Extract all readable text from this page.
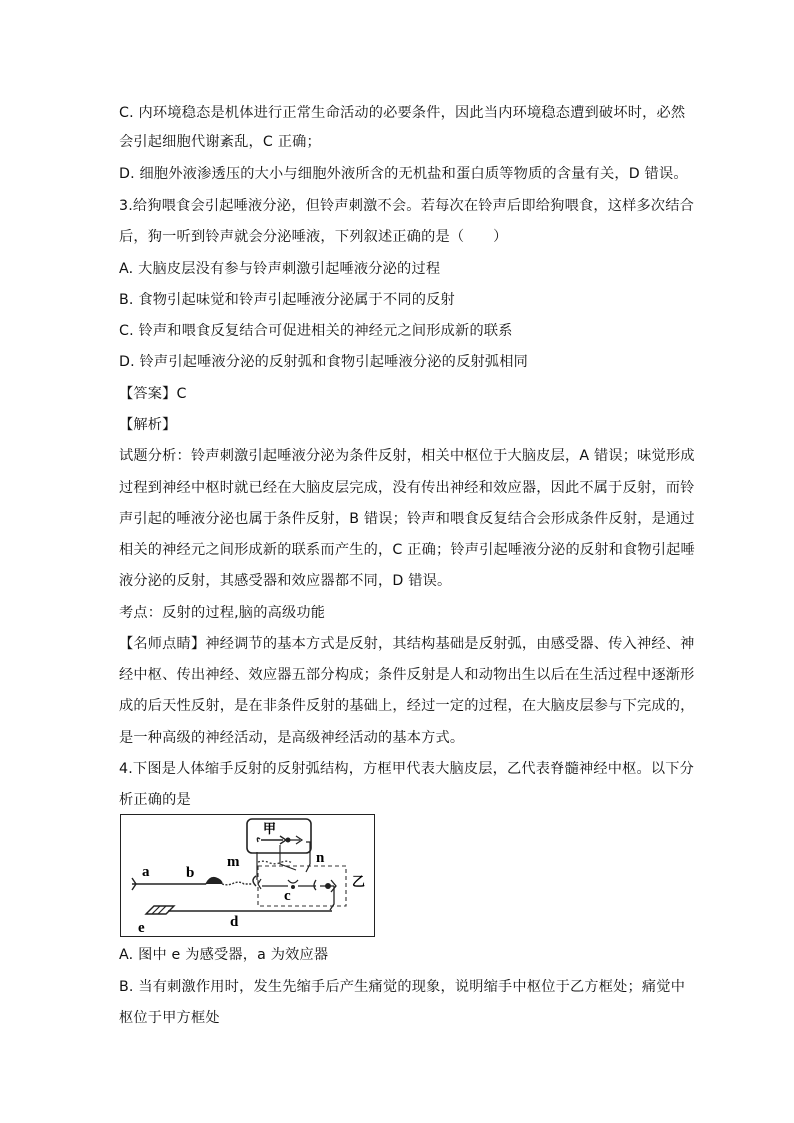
C. 内环境稳态是机体进行正常生命活动的必要条件，因此当内环境稳态遭到破坏时，必然
会引起细胞代谢紊乱，C 正确；
D. 细胞外液渗透压的大小与细胞外液所含的无机盐和蛋白质等物质的含量有关，D 错误。
3.给狗喂食会引起唾液分泌，但铃声刺激不会。若每次在铃声后即给狗喂食，这样多次结合
后，狗一听到铃声就会分泌唾液，下列叙述正确的是（　　）
A. 大脑皮层没有参与铃声刺激引起唾液分泌的过程
B. 食物引起味觉和铃声引起唾液分泌属于不同的反射
C. 铃声和喂食反复结合可促进相关的神经元之间形成新的联系
D. 铃声引起唾液分泌的反射弧和食物引起唾液分泌的反射弧相同
【答案】C
【解析】
试题分析：铃声刺激引起唾液分泌为条件反射，相关中枢位于大脑皮层，A 错误；味觉形成
过程到神经中枢时就已经在大脑皮层完成，没有传出神经和效应器，因此不属于反射，而铃
声引起的唾液分泌也属于条件反射，B 错误；铃声和喂食反复结合会形成条件反射，是通过
相关的神经元之间形成新的联系而产生的，C 正确；铃声引起唾液分泌的反射和食物引起唾
液分泌的反射，其感受器和效应器都不同，D 错误。
考点：反射的过程,脑的高级功能
【名师点睛】神经调节的基本方式是反射，其结构基础是反射弧，由感受器、传入神经、神
经中枢、传出神经、效应器五部分构成；条件反射是人和动物出生以后在生活过程中逐渐形
成的后天性反射，是在非条件反射的基础上，经过一定的过程，在大脑皮层参与下完成的，
是一种高级的神经活动，是高级神经活动的基本方式。
4.下图是人体缩手反射的反射弧结构，方框甲代表大脑皮层，乙代表脊髓神经中枢。以下分
析正确的是
甲
乙
a b
m
c
n
d
e
A. 图中 e 为感受器，a 为效应器
B. 当有刺激作用时，发生先缩手后产生痛觉的现象，说明缩手中枢位于乙方框处；痛觉中
枢位于甲方框处
